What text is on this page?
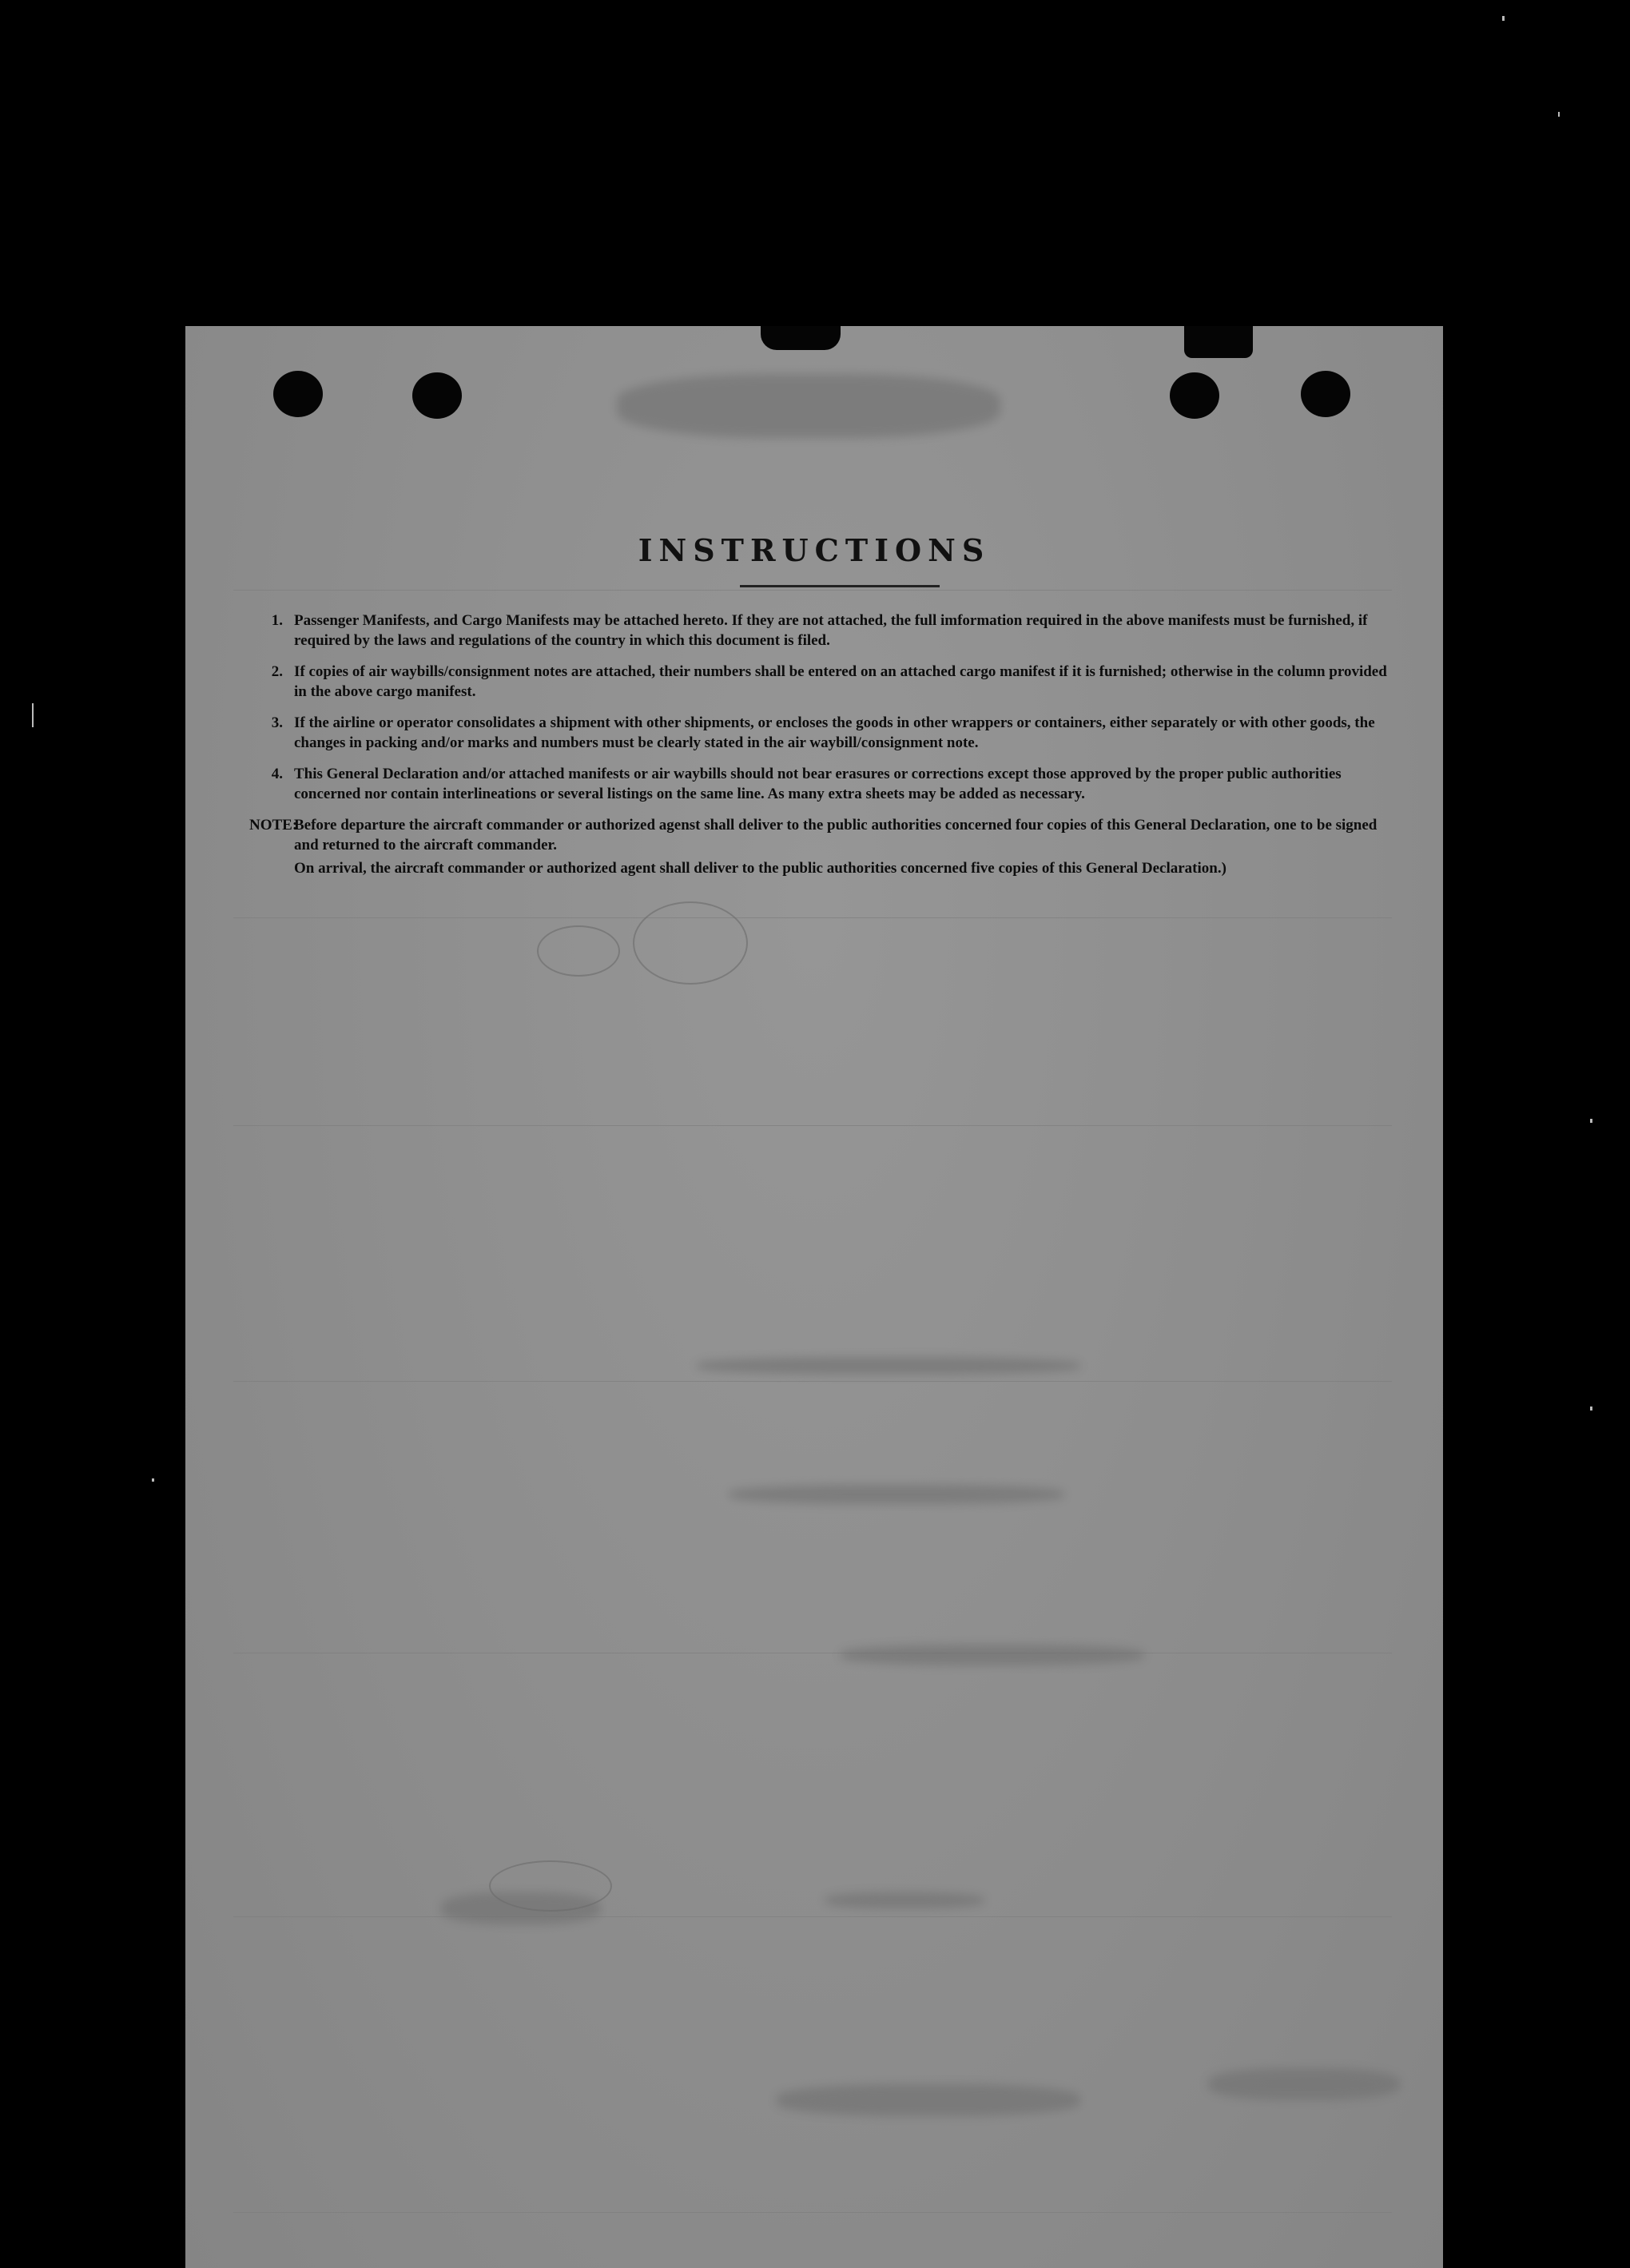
INSTRUCTIONS
1. Passenger Manifests, and Cargo Manifests may be attached hereto. If they are not attached, the full imformation required in the above manifests must be furnished, if required by the laws and regulations of the country in which this document is filed.
2. If copies of air waybills/consignment notes are attached, their numbers shall be entered on an attached cargo manifest if it is furnished; otherwise in the column provided in the above cargo manifest.
3. If the airline or operator consolidates a shipment with other shipments, or encloses the goods in other wrappers or containers, either separately or with other goods, the changes in packing and/or marks and numbers must be clearly stated in the air waybill/consignment note.
4. This General Declaration and/or attached manifests or air waybills should not bear erasures or corrections except those approved by the proper public authorities concerned nor contain interlineations or several listings on the same line. As many extra sheets may be added as necessary.
NOTE:
Before departure the aircraft commander or authorized agenst shall deliver to the public authorities concerned four copies of this General Declaration, one to be signed and returned to the aircraft commander.
On arrival, the aircraft commander or authorized agent shall deliver to the public authorities concerned five copies of this General Declaration.)
